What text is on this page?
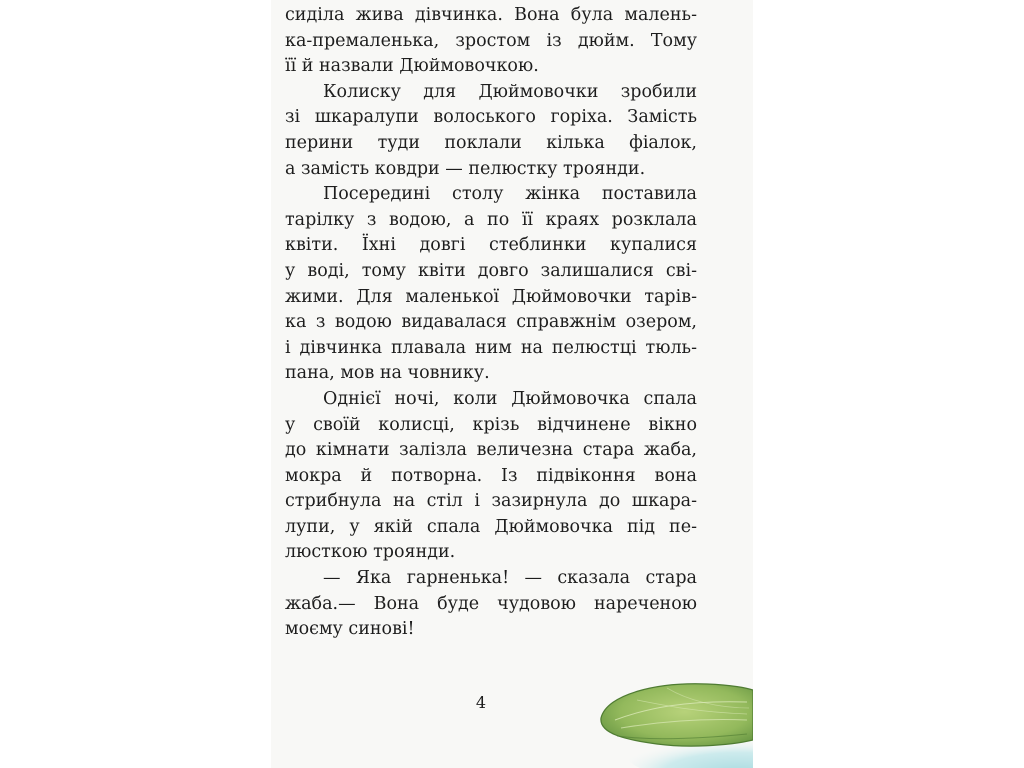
сиділа жива дівчинка. Вона була малень-
ка-премаленька, зростом із дюйм. Тому
її й назвали Дюймовочкою.
Колиску для Дюймовочки зробили
зі шкаралупи волоського горіха. Замість
перини туди поклали кілька фіалок,
а замість ковдри — пелюстку троянди.
Посередині столу жінка поставила
тарілку з водою, а по її краях розклала
квіти. Їхні довгі стеблинки купалися
у воді, тому квіти довго залишалися сві-
жими. Для маленької Дюймовочки тарів-
ка з водою видавалася справжнім озером,
і дівчинка плавала ним на пелюстці тюль-
пана, мов на човнику.
Однієї ночі, коли Дюймовочка спала
у своїй колисці, крізь відчинене вікно
до кімнати залізла величезна стара жаба,
мокра й потворна. Із підвіконня вона
стрибнула на стіл і зазирнула до шкара-
лупи, у якій спала Дюймовочка під пе-
люсткою троянди.
— Яка гарненька! — сказала стара
жаба.— Вона буде чудовою нареченою
моєму синові!
4
